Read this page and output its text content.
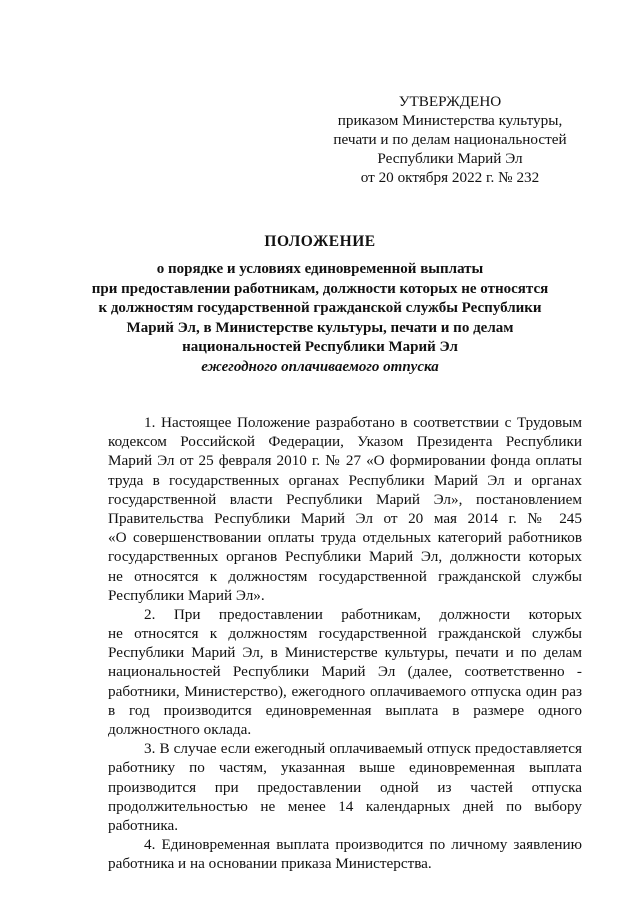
УТВЕРЖДЕНО
приказом Министерства культуры,
печати и по делам национальностей
Республики Марий Эл
от 20 октября 2022 г. № 232
ПОЛОЖЕНИЕ
о порядке и условиях единовременной выплаты
при предоставлении работникам, должности которых не относятся
к должностям государственной гражданской службы Республики
Марий Эл, в Министерстве культуры, печати и по делам
национальностей Республики Марий Эл
ежегодного оплачиваемого отпуска
1. Настоящее Положение разработано в соответствии с Трудовым
кодексом Российской Федерации, Указом Президента Республики
Марий Эл от 25 февраля 2010 г. № 27 «О формировании фонда оплаты
труда в государственных органах Республики Марий Эл и органах
государственной власти Республики Марий Эл», постановлением
Правительства Республики Марий Эл от 20 мая 2014 г. № 245
«О совершенствовании оплаты труда отдельных категорий работников
государственных органов Республики Марий Эл, должности которых
не относятся к должностям государственной гражданской службы
Республики Марий Эл».
2. При предоставлении работникам, должности которых
не относятся к должностям государственной гражданской службы
Республики Марий Эл, в Министерстве культуры, печати и по делам
национальностей Республики Марий Эл (далее, соответственно -
работники, Министерство), ежегодного оплачиваемого отпуска один раз
в год производится единовременная выплата в размере одного
должностного оклада.
3. В случае если ежегодный оплачиваемый отпуск предоставляется
работнику по частям, указанная выше единовременная выплата
производится при предоставлении одной из частей отпуска
продолжительностью не менее 14 календарных дней по выбору
работника.
4. Единовременная выплата производится по личному заявлению
работника и на основании приказа Министерства.
